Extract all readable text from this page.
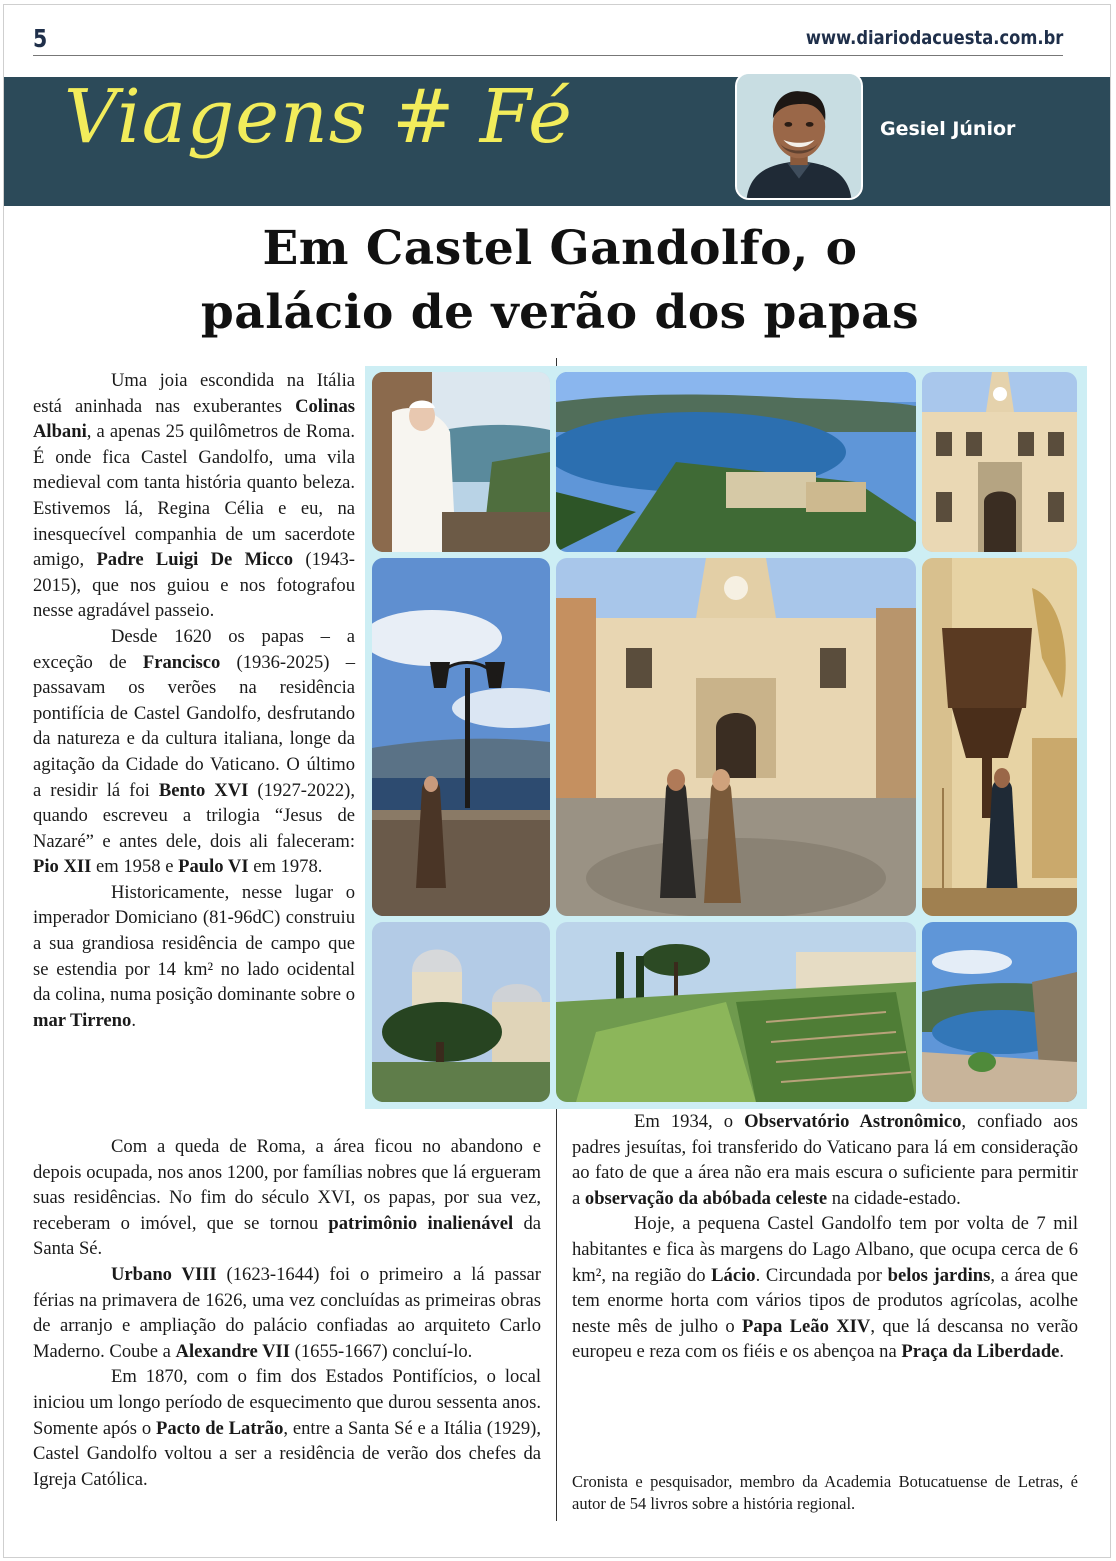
5	www.diariodacuesta.com.br
Viagens # Fé	Gesiel Júnior
Em Castel Gandolfo, o
palácio de verão dos papas

Uma joia escondida na Itália está aninhada nas exuberantes Colinas Albani, a apenas 25 quilômetros de Roma. É onde fica Castel Gandolfo, uma vila medieval com tanta história quanto beleza. Estivemos lá, Regina Célia e eu, na inesquecível companhia de um sacerdote amigo, Padre Luigi De Micco (1943-2015), que nos guiou e nos fotografou nesse agradável passeio.

Desde 1620 os papas – a exceção de Francisco (1936-2025) – passavam os verões na residência pontifícia de Castel Gandolfo, desfrutando da natureza e da cultura italiana, longe da agitação da Cidade do Vaticano. O último a residir lá foi Bento XVI (1927-2022), quando escreveu a trilogia “Jesus de Nazaré” e antes dele, dois ali faleceram: Pio XII em 1958 e Paulo VI em 1978.

Historicamente, nesse lugar o imperador Domiciano (81-96dC) construiu a sua grandiosa residência de campo que se estendia por 14 km² no lado ocidental da colina, numa posição dominante sobre o mar Tirreno.

Com a queda de Roma, a área ficou no abandono e depois ocupada, nos anos 1200, por famílias nobres que lá ergueram suas residências. No fim do século XVI, os papas, por sua vez, receberam o imóvel, que se tornou patrimônio inalienável da Santa Sé.

Urbano VIII (1623-1644) foi o primeiro a lá passar férias na primavera de 1626, uma vez concluídas as primeiras obras de arranjo e ampliação do palácio confiadas ao arquiteto Carlo Maderno. Coube a Alexandre VII (1655-1667) concluí-lo.

Em 1870, com o fim dos Estados Pontifícios, o local iniciou um longo período de esquecimento que durou sessenta anos. Somente após o Pacto de Latrão, entre a Santa Sé e a Itália (1929), Castel Gandolfo voltou a ser a residência de verão dos chefes da Igreja Católica.

Em 1934, o Observatório Astronômico, confiado aos padres jesuítas, foi transferido do Vaticano para lá em consideração ao fato de que a área não era mais escura o suficiente para permitir a observação da abóbada celeste na cidade-estado.

Hoje, a pequena Castel Gandolfo tem por volta de 7 mil habitantes e fica às margens do Lago Albano, que ocupa cerca de 6 km², na região do Lácio. Circundada por belos jardins, a área que tem enorme horta com vários tipos de produtos agrícolas, acolhe neste mês de julho o Papa Leão XIV, que lá descansa no verão europeu e reza com os fiéis e os abençoa na Praça da Liberdade.

Cronista e pesquisador, membro da Academia Botucatuense de Letras, é autor de 54 livros sobre a história regional.
